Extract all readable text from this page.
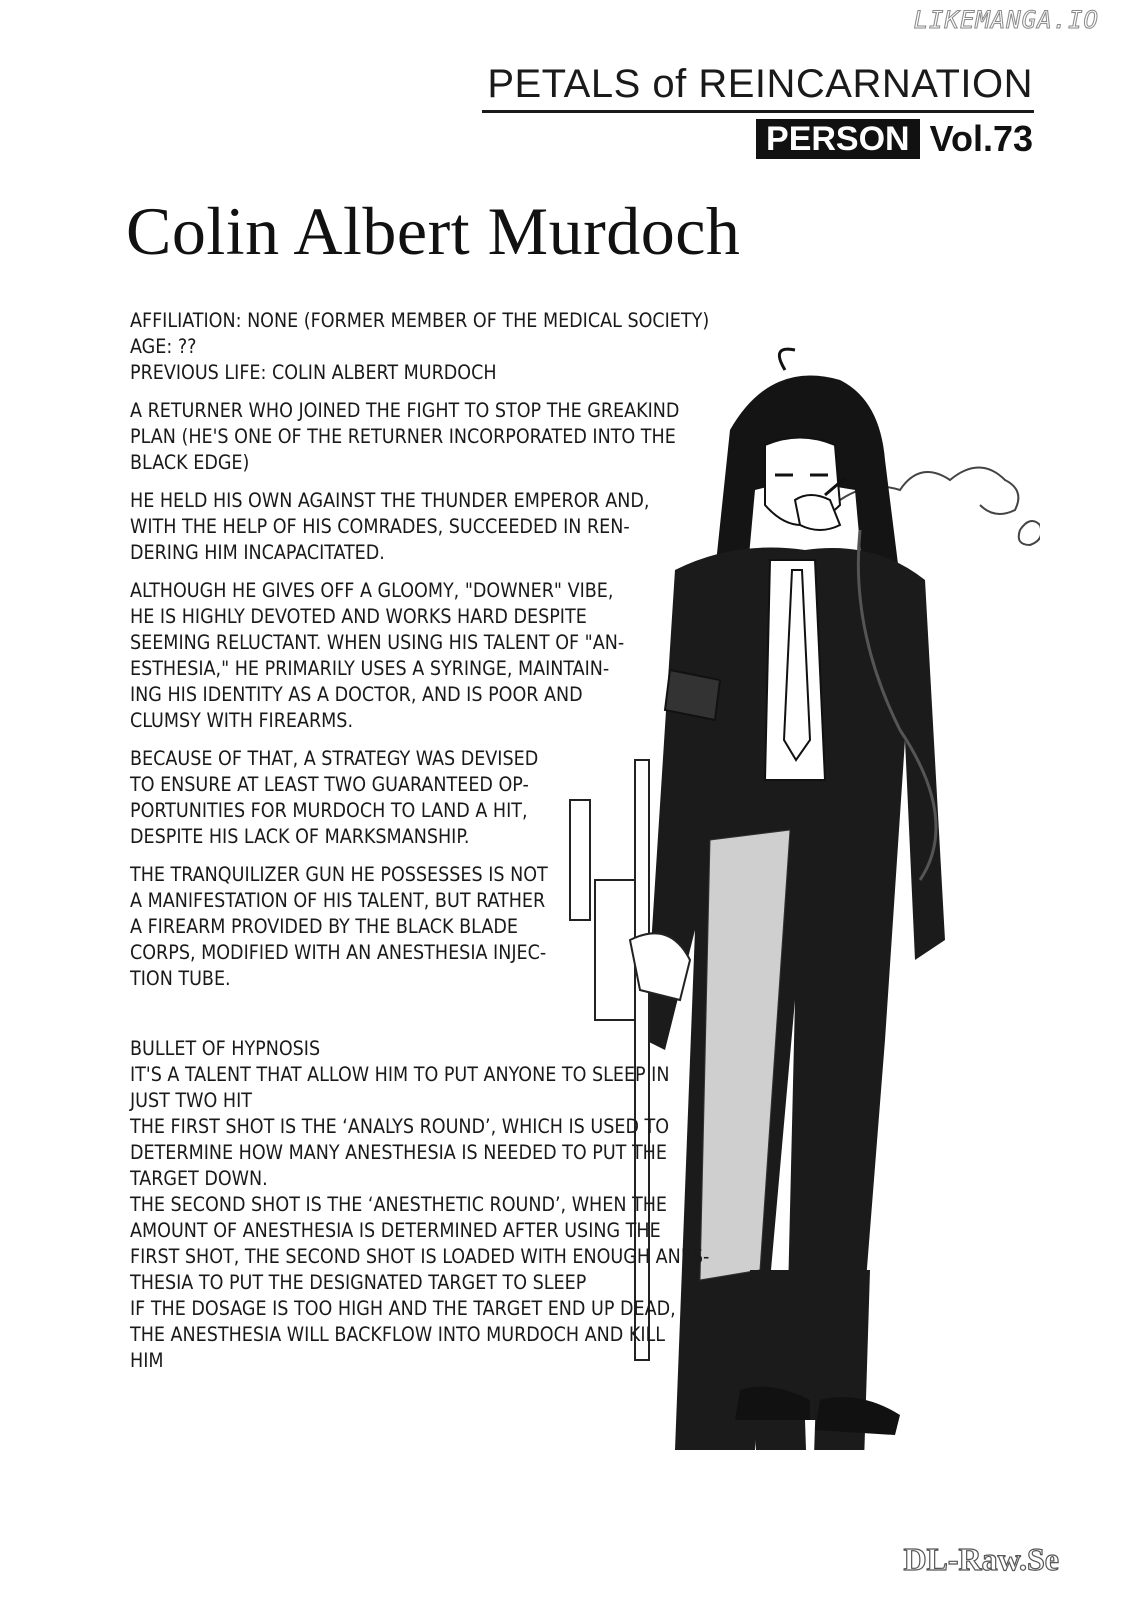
LIKEMANGA.IO
PETALS of REINCARNATION
PERSON Vol.73
Colin Albert Murdoch
AFFILIATION: NONE (FORMER MEMBER OF THE MEDICAL SOCIETY)
AGE: ??
PREVIOUS LIFE: COLIN ALBERT MURDOCH
A RETURNER WHO JOINED THE FIGHT TO STOP THE GREAKIND
PLAN (HE'S ONE OF THE RETURNER INCORPORATED INTO THE
BLACK EDGE)
HE HELD HIS OWN AGAINST THE THUNDER EMPEROR AND,
WITH THE HELP OF HIS COMRADES, SUCCEEDED IN REN-
DERING HIM INCAPACITATED.
ALTHOUGH HE GIVES OFF A GLOOMY, "DOWNER" VIBE,
HE IS HIGHLY DEVOTED AND WORKS HARD DESPITE
SEEMING RELUCTANT. WHEN USING HIS TALENT OF "AN-
ESTHESIA," HE PRIMARILY USES A SYRINGE, MAINTAIN-
ING HIS IDENTITY AS A DOCTOR, AND IS POOR AND
CLUMSY WITH FIREARMS.
BECAUSE OF THAT, A STRATEGY WAS DEVISED
TO ENSURE AT LEAST TWO GUARANTEED OP-
PORTUNITIES FOR MURDOCH TO LAND A HIT,
DESPITE HIS LACK OF MARKSMANSHIP.
THE TRANQUILIZER GUN HE POSSESSES IS NOT
A MANIFESTATION OF HIS TALENT, BUT RATHER
A FIREARM PROVIDED BY THE BLACK BLADE
CORPS, MODIFIED WITH AN ANESTHESIA INJEC-
TION TUBE.
BULLET OF HYPNOSIS
IT'S A TALENT THAT ALLOW HIM TO PUT ANYONE TO SLEEP IN
JUST TWO HIT
THE FIRST SHOT IS THE ‘ANALYS ROUND’, WHICH IS USED TO
DETERMINE HOW MANY ANESTHESIA IS NEEDED TO PUT THE
TARGET DOWN.
THE SECOND SHOT IS THE ‘ANESTHETIC ROUND’, WHEN THE
AMOUNT OF ANESTHESIA IS DETERMINED AFTER USING THE
FIRST SHOT, THE SECOND SHOT IS LOADED WITH ENOUGH ANES-
THESIA TO PUT THE DESIGNATED TARGET TO SLEEP
IF THE DOSAGE IS TOO HIGH AND THE TARGET END UP DEAD,
THE ANESTHESIA WILL BACKFLOW INTO MURDOCH AND KILL
HIM
DL-Raw.Se
